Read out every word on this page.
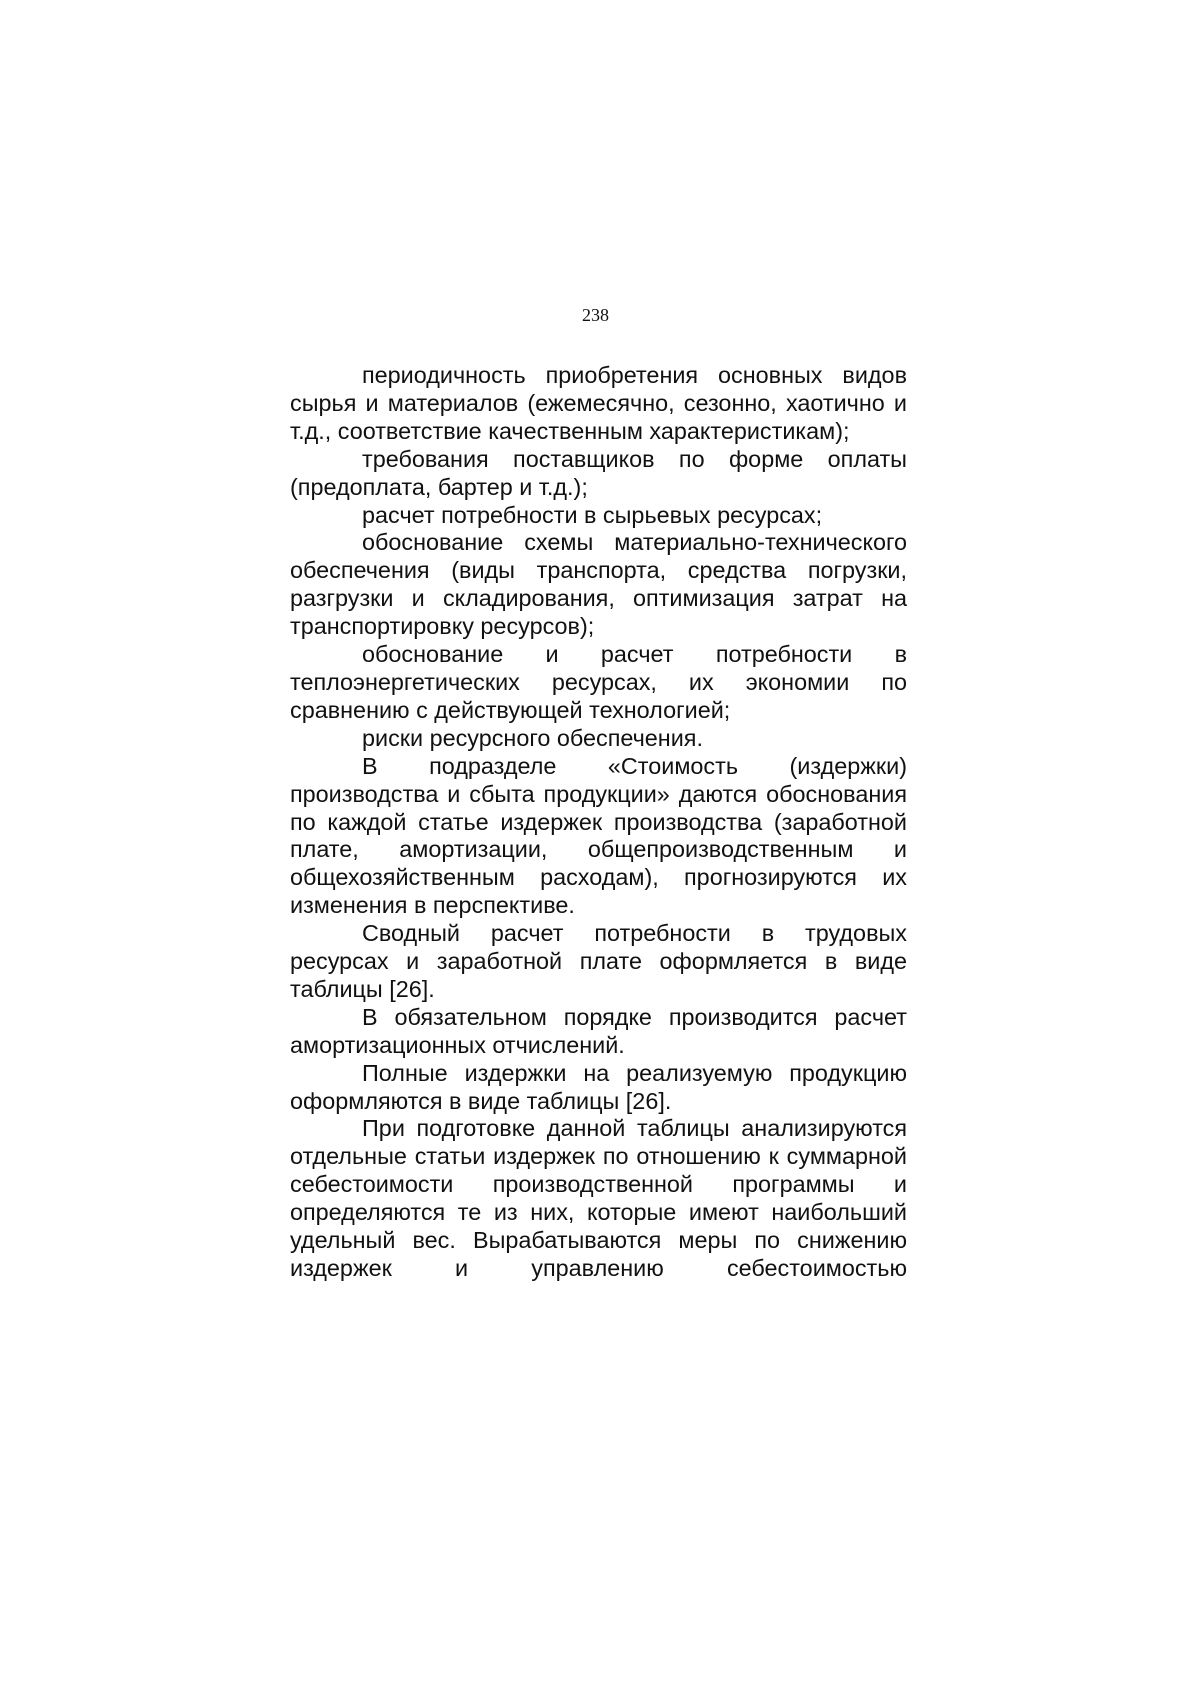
238

периодичность приобретения основных видов сырья и материалов (ежемесячно, сезонно, хаотично и т.д., соответствие качественным характеристикам);

требования поставщиков по форме оплаты (предоплата, бартер и т.д.);

расчет потребности в сырьевых ресурсах;

обоснование схемы материально-технического обеспечения (виды транспорта, средства погрузки, разгрузки и складирования, оптимизация затрат на транспортировку ресурсов);

обоснование и расчет потребности в теплоэнергетических ресурсах, их экономии по сравнению с действующей технологией;

риски ресурсного обеспечения.

В подразделе «Стоимость (издержки) производства и сбыта продукции» даются обоснования по каждой статье издержек производства (заработной плате, амортизации, общепроизводственным и общехозяйственным расходам), прогнозируются их изменения в перспективе.

Сводный расчет потребности в трудовых ресурсах и заработной плате оформляется в виде таблицы [26].

В обязательном порядке производится расчет амортизационных отчислений.

Полные издержки на реализуемую продукцию оформляются в виде таблицы [26].

При подготовке данной таблицы анализируются отдельные статьи издержек по отношению к суммарной себестоимости производственной программы и определяются те из них, которые имеют наибольший удельный вес. Вырабатываются меры по снижению издержек и управлению себестоимостью
